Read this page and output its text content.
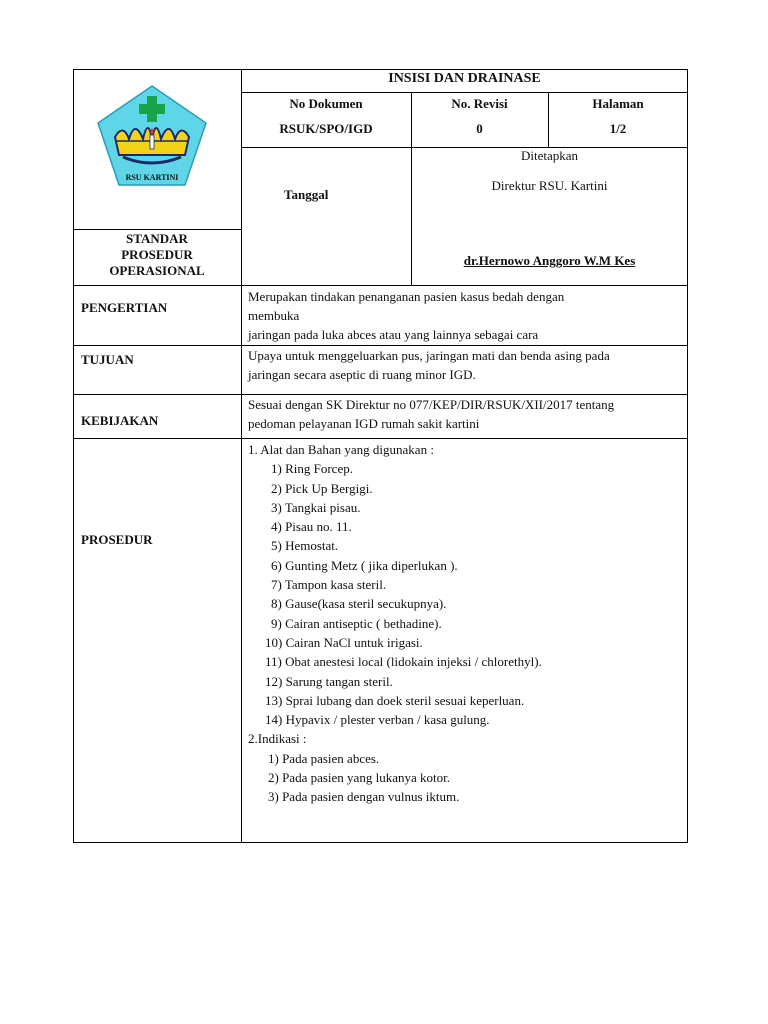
RSU KARTINI
INSISI DAN DRAINASE
No Dokumen
RSUK/SPO/IGD
No. Revisi
0
Halaman
1/2
Tanggal
Ditetapkan
Direktur RSU. Kartini
dr.Hernowo Anggoro W.M Kes
STANDAR
PROSEDUR
OPERASIONAL
PENGERTIAN
TUJUAN
KEBIJAKAN
PROSEDUR
Merupakan tindakan penanganan pasien kasus bedah dengan
membuka
jaringan pada luka abces atau yang lainnya sebagai cara
Upaya untuk menggeluarkan pus, jaringan mati dan benda asing pada
jaringan secara aseptic di ruang minor IGD.
Sesuai dengan SK Direktur no 077/KEP/DIR/RSUK/XII/2017 tentang
pedoman pelayanan IGD rumah sakit kartini
1. Alat dan Bahan yang digunakan :
1) Ring Forcep.
2) Pick Up Bergigi.
3) Tangkai pisau.
4) Pisau no. 11.
5) Hemostat.
6) Gunting Metz ( jika diperlukan ).
7) Tampon kasa steril.
8) Gause(kasa steril secukupnya).
9) Cairan antiseptic ( bethadine).
10) Cairan NaCl untuk irigasi.
11) Obat anestesi local (lidokain injeksi / chlorethyl).
12) Sarung tangan steril.
13) Sprai lubang dan doek steril sesuai keperluan.
14) Hypavix / plester verban / kasa gulung.
2.Indikasi :
1) Pada pasien abces.
2) Pada pasien yang lukanya kotor.
3) Pada pasien dengan vulnus iktum.
